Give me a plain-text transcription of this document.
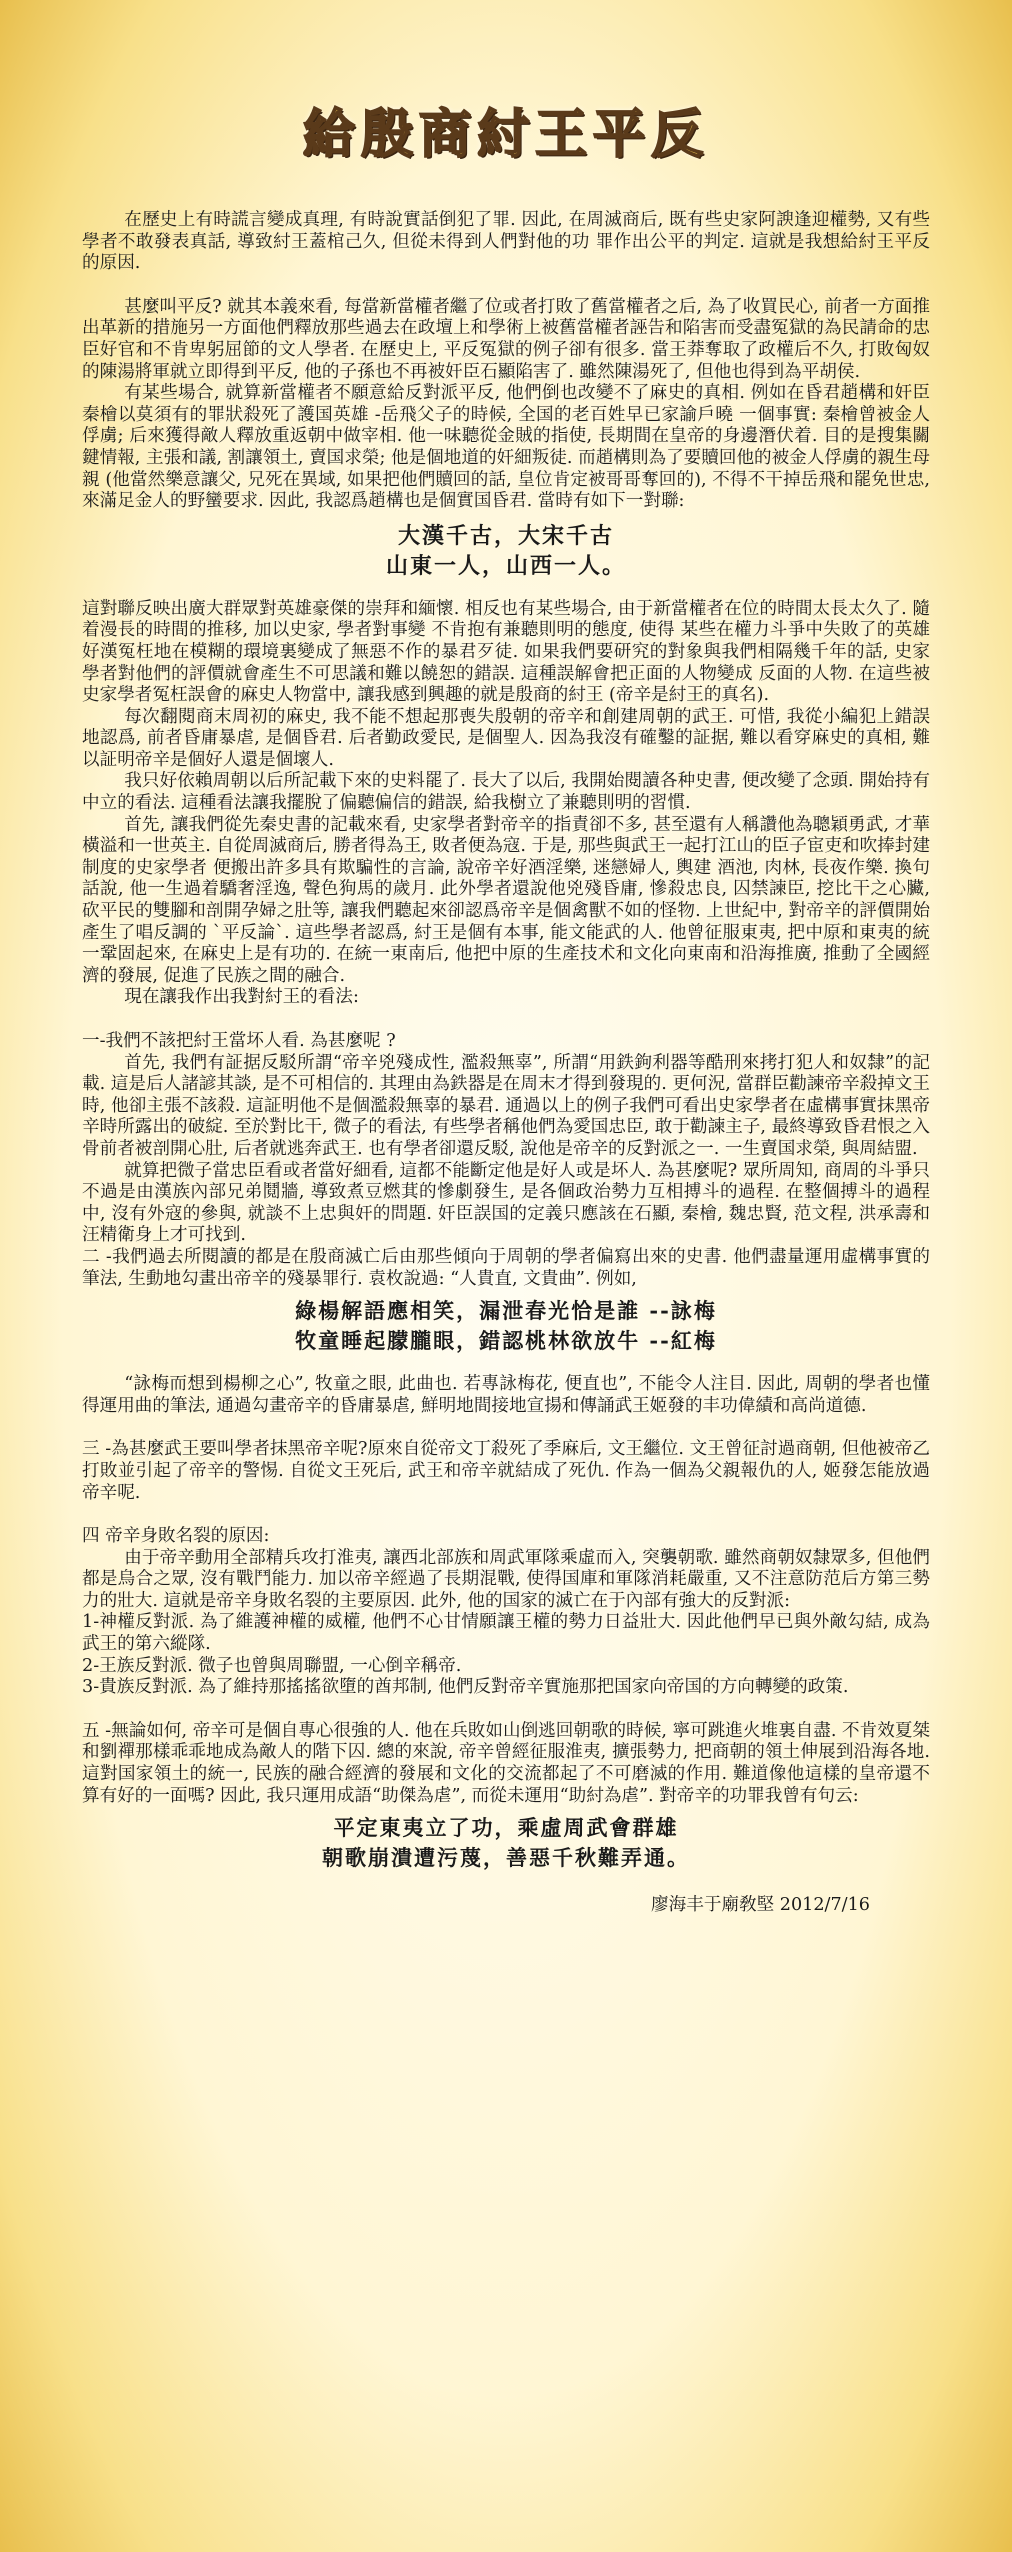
給殷商紂王平反

在歷史上有時謊言變成真理, 有時說實話倒犯了罪. 因此, 在周滅商后, 既有些史家阿諛逢迎權勢, 又有些學者不敢發表真話, 導致紂王蓋棺己久, 但從未得到人們對他的功 罪作出公平的判定. 這就是我想給紂王平反的原因.

甚麼叫平反? 就其本義來看, 每當新當權者繼了位或者打敗了舊當權者之后, 為了收買民心, 前者一方面推出革新的措施另一方面他們釋放那些過去在政壇上和學術上被舊當權者誣告和陷害而受盡冤獄的為民請命的忠臣好官和不肯卑躬屈節的文人學者. 在歷史上, 平反冤獄的例子卻有很多. 當王莽奪取了政權后不久, 打敗匈奴的陳湯將軍就立即得到平反, 他的子孫也不再被奸臣石顯陷害了. 雖然陳湯死了, 但他也得到為平胡侯.

有某些場合, 就算新當權者不願意給反對派平反, 他們倒也改變不了麻史的真相. 例如在昏君趙構和奸臣秦檜以莫須有的罪狀殺死了護国英雄 -岳飛父子的時候, 全国的老百姓早已家諭戶曉 一個事實: 秦檜曾被金人俘虜; 后來獲得敵人釋放重返朝中做宰相. 他一味聽從金賊的指使, 長期間在皇帝的身邊潛伏着. 目的是搜集關鍵情報, 主張和議, 割讓領土, 賣国求榮; 他是個地道的奸細叛徒. 而趙構則為了要贖回他的被金人俘虜的親生母親 (他當然樂意讓父, 兄死在異域, 如果把他們贖回的話, 皇位肯定被哥哥奪回的), 不得不干掉岳飛和罷免世忠, 來滿足金人的野蠻要求. 因此, 我認爲趙構也是個實国昏君. 當時有如下一對聯:

大漢千古，大宋千古
山東一人，山西一人。

這對聯反映出廣大群眾對英雄豪傑的崇拜和緬懷. 相反也有某些場合, 由于新當權者在位的時間太長太久了. 隨着漫長的時間的推移, 加以史家, 學者對事變 不肯抱有兼聽則明的態度, 使得 某些在權力斗爭中失敗了的英雄好漢冤枉地在模糊的環境裏變成了無惡不作的暴君歹徒. 如果我們要研究的對象與我們相隔幾千年的話, 史家學者對他們的評價就會產生不可思議和難以饒恕的錯誤. 這種誤解會把正面的人物變成 反面的人物. 在這些被史家學者冤枉誤會的麻史人物當中, 讓我感到興趣的就是殷商的紂王 (帝辛是紂王的真名).

每次翻閱商末周初的麻史, 我不能不想起那喪失殷朝的帝辛和創建周朝的武王. 可惜, 我從小編犯上錯誤地認爲, 前者昏庸暴虐, 是個昏君. 后者勤政愛民, 是個聖人. 因為我沒有確鑿的証据, 難以看穿麻史的真相, 難以証明帝辛是個好人還是個壞人.

我只好依賴周朝以后所記載下來的史料罷了. 長大了以后, 我開始閱讀各种史書, 便改變了念頭. 開始持有中立的看法. 這種看法讓我擺脫了偏聽偏信的錯誤, 給我樹立了兼聽則明的習慣.

首先, 讓我們從先秦史書的記載來看, 史家學者對帝辛的指責卻不多, 甚至還有人稱讚他為聰穎勇武, 才華橫溢和一世英主. 自從周滅商后, 勝者得為王, 敗者便為寇. 于是, 那些與武王一起打江山的臣子宦吏和吹捧封建制度的史家學者 便搬出許多具有欺騙性的言論, 說帝辛好酒淫樂, 迷戀婦人, 輿建 酒池, 肉林, 長夜作樂. 換句話說, 他一生過着驕奢淫逸, 聲色狗馬的歲月. 此外學者還說他兇殘昏庸, 慘殺忠良, 囚禁諫臣, 挖比干之心臟, 砍平民的雙腳和剖開孕婦之肚等, 讓我們聽起來卻認爲帝辛是個禽獸不如的怪物. 上世紀中, 對帝辛的評價開始產生了唱反調的 `平反論`. 這些學者認爲, 紂王是個有本事, 能文能武的人. 他曾征服東夷, 把中原和東夷的統一鞏固起來, 在麻史上是有功的. 在統一東南后, 他把中原的生產技术和文化向東南和沿海推廣, 推動了全國經濟的發展, 促進了民族之間的融合.

現在讓我作出我對紂王的看法:

一-我們不該把紂王當坏人看. 為甚麼呢 ?

首先, 我們有証据反駁所謂“帝辛兇殘成性, 濫殺無辜”, 所謂“用鉄鉤利器等酷刑來拷打犯人和奴隸”的記載. 這是后人諸諺其談, 是不可相信的. 其理由為鉄器是在周末才得到發現的. 更何況, 當群臣勸諫帝辛殺掉文王時, 他卻主張不該殺. 這証明他不是個濫殺無辜的暴君. 通過以上的例子我們可看出史家學者在虛構事實抹黑帝辛時所露出的破綻. 至於對比干, 微子的看法, 有些學者稱他們為愛国忠臣, 敢于勸諫主子, 最終導致昏君恨之入骨前者被剖開心肚, 后者就逃奔武王. 也有學者卻還反駁, 說他是帝辛的反對派之一. 一生賣国求榮, 與周結盟.

就算把微子當忠臣看或者當好細看, 這都不能斷定他是好人或是坏人. 為甚麼呢? 眾所周知, 商周的斗爭只不過是由漢族內部兄弟鬩牆, 導致煮豆燃萁的慘劇發生, 是各個政治勢力互相搏斗的過程. 在整個搏斗的過程中, 沒有外寇的參與, 就談不上忠與奸的問題. 奸臣誤国的定義只應該在石顯, 秦檜, 魏忠賢, 范文程, 洪承壽和汪精衛身上才可找到.

二 -我們過去所閱讀的都是在殷商滅亡后由那些傾向于周朝的學者偏寫出來的史書. 他們盡量運用虛構事實的筆法, 生動地勾畫出帝辛的殘暴罪行. 袁枚說過: “人貴直, 文貴曲”. 例如,

綠楊解語應相笑，漏泄春光恰是誰 --詠梅
牧童睡起朦朧眼，錯認桃林欲放牛 --紅梅

“詠梅而想到楊柳之心”, 牧童之眼, 此曲也. 若專詠梅花, 便直也”, 不能令人注目. 因此, 周朝的學者也懂得運用曲的筆法, 通過勾畫帝辛的昏庸暴虐, 鮮明地間接地宣揚和傳誦武王姬發的丰功偉績和高尚道德.

三 -為甚麼武王要叫學者抹黑帝辛呢?原來自從帝文丁殺死了季麻后, 文王繼位. 文王曾征討過商朝, 但他被帝乙打敗並引起了帝辛的警惕. 自從文王死后, 武王和帝辛就結成了死仇. 作為一個為父親報仇的人, 姬發怎能放過帝辛呢.

四 帝辛身敗名裂的原因:

由于帝辛動用全部精兵攻打淮夷, 讓西北部族和周武軍隊乘虛而入, 突襲朝歌. 雖然商朝奴隸眾多, 但他們都是烏合之眾, 沒有戰鬥能力. 加以帝辛經過了長期混戰, 使得国庫和軍隊消耗嚴重, 又不注意防范后方第三勢力的壯大. 這就是帝辛身敗名裂的主要原因. 此外, 他的国家的滅亡在于內部有強大的反對派:

1-神權反對派. 為了維護神權的威權, 他們不心甘情願讓王權的勢力日益壯大. 因此他們早已與外敵勾結, 成為武王的第六縱隊.

2-王族反對派. 微子也曾與周聯盟, 一心倒辛稱帝.

3-貴族反對派. 為了維持那搖搖欲墮的酋邦制, 他們反對帝辛實施那把国家向帝国的方向轉變的政策.

五 -無論如何, 帝辛可是個自專心很強的人. 他在兵敗如山倒逃回朝歌的時候, 寧可跳進火堆裏自盡. 不肯效夏桀和劉禪那樣乖乖地成為敵人的階下囚. 總的來說, 帝辛曾經征服淮夷, 擴張勢力, 把商朝的領土伸展到沿海各地. 這對国家領土的統一, 民族的融合經濟的發展和文化的交流都起了不可磨滅的作用. 難道像他這樣的皇帝還不算有好的一面嗎? 因此, 我只運用成語“助傑為虐”, 而從未運用“助紂為虐”. 對帝辛的功罪我曾有句云:

平定東夷立了功，乘虛周武會群雄
朝歌崩潰遭污蔑，善惡千秋難弄通。
廖海丰于廟敎堅 2012/7/16
